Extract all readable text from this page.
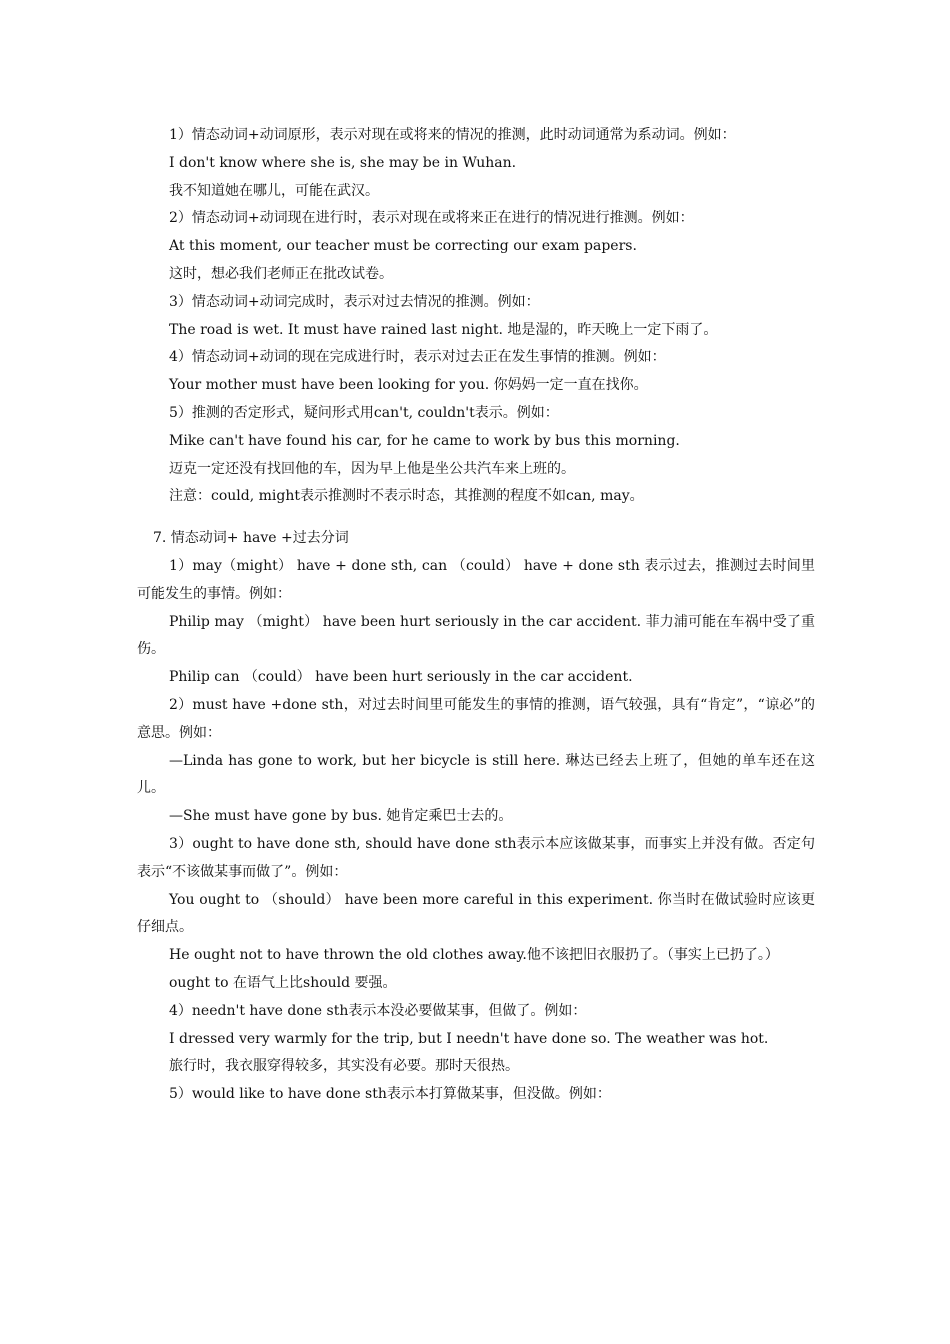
1）情态动词+动词原形，表示对现在或将来的情况的推测，此时动词通常为系动词。例如：

I don't know where she is, she may be in Wuhan.

我不知道她在哪儿，可能在武汉。

2）情态动词+动词现在进行时，表示对现在或将来正在进行的情况进行推测。例如：

At this moment, our teacher must be correcting our exam papers.

这时，想必我们老师正在批改试卷。

3）情态动词+动词完成时，表示对过去情况的推测。例如：

The road is wet. It must have rained last night. 地是湿的，昨天晚上一定下雨了。

4）情态动词+动词的现在完成进行时，表示对过去正在发生事情的推测。例如：

Your mother must have been looking for you. 你妈妈一定一直在找你。

5）推测的否定形式，疑问形式用can't, couldn't表示。例如：

Mike can't have found his car, for he came to work by bus this morning.

迈克一定还没有找回他的车，因为早上他是坐公共汽车来上班的。

注意：could, might表示推测时不表示时态，其推测的程度不如can, may。

7. 情态动词+ have +过去分词

1）may（might） have + done sth, can （could） have + done sth 表示过去，推测过去时间里可能发生的事情。例如：

Philip may （might） have been hurt seriously in the car accident. 菲力浦可能在车祸中受了重伤。

Philip can （could） have been hurt seriously in the car accident.

2）must have +done sth，对过去时间里可能发生的事情的推测，语气较强，具有“肯定”，“谅必”的意思。例如：

—Linda has gone to work, but her bicycle is still here. 琳达已经去上班了，但她的单车还在这儿。

—She must have gone by bus. 她肯定乘巴士去的。

3）ought to have done sth, should have done sth表示本应该做某事，而事实上并没有做。否定句表示“不该做某事而做了”。例如：

You ought to （should） have been more careful in this experiment. 你当时在做试验时应该更仔细点。

He ought not to have thrown the old clothes away.他不该把旧衣服扔了。（事实上已扔了。）

ought to 在语气上比should 要强。

4）needn't have done sth表示本没必要做某事，但做了。例如：

I dressed very warmly for the trip, but I needn't have done so. The weather was hot.

旅行时，我衣服穿得较多，其实没有必要。那时天很热。

5）would like to have done sth表示本打算做某事，但没做。例如：
